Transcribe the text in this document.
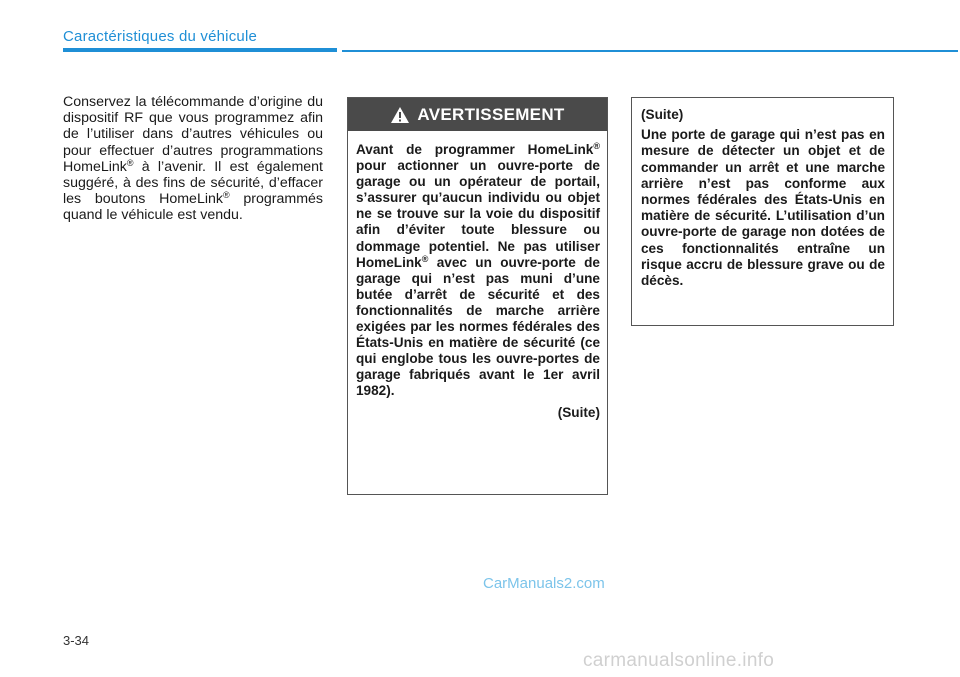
Caractéristiques du véhicule

Conservez la télécommande d’origine du dispositif RF que vous programmez afin de l’utiliser dans d’autres véhicules ou pour effectuer d’autres programmations HomeLink® à l’avenir. Il est également suggéré, à des fins de sécurité, d’effacer les boutons HomeLink® programmés quand le véhicule est vendu.

AVERTISSEMENT

Avant de programmer HomeLink® pour actionner un ouvre-porte de garage ou un opérateur de portail, s’assurer qu’aucun individu ou objet ne se trouve sur la voie du dispositif afin d’éviter toute blessure ou dommage potentiel. Ne pas utiliser HomeLink® avec un ouvre-porte de garage qui n’est pas muni d’une butée d’arrêt de sécurité et des fonctionnalités de marche arrière exigées par les normes fédérales des États-Unis en matière de sécurité (ce qui englobe tous les ouvre-portes de garage fabriqués avant le 1er avril 1982).

(Suite)

(Suite)

Une porte de garage qui n’est pas en mesure de détecter un objet et de commander un arrêt et une marche arrière n’est pas conforme aux normes fédérales des États-Unis en matière de sécurité. L’utilisation d’un ouvre-porte de garage non dotées de ces fonctionnalités entraîne un risque accru de blessure grave ou de décès.

CarManuals2.com
3-34
carmanualsonline.info
